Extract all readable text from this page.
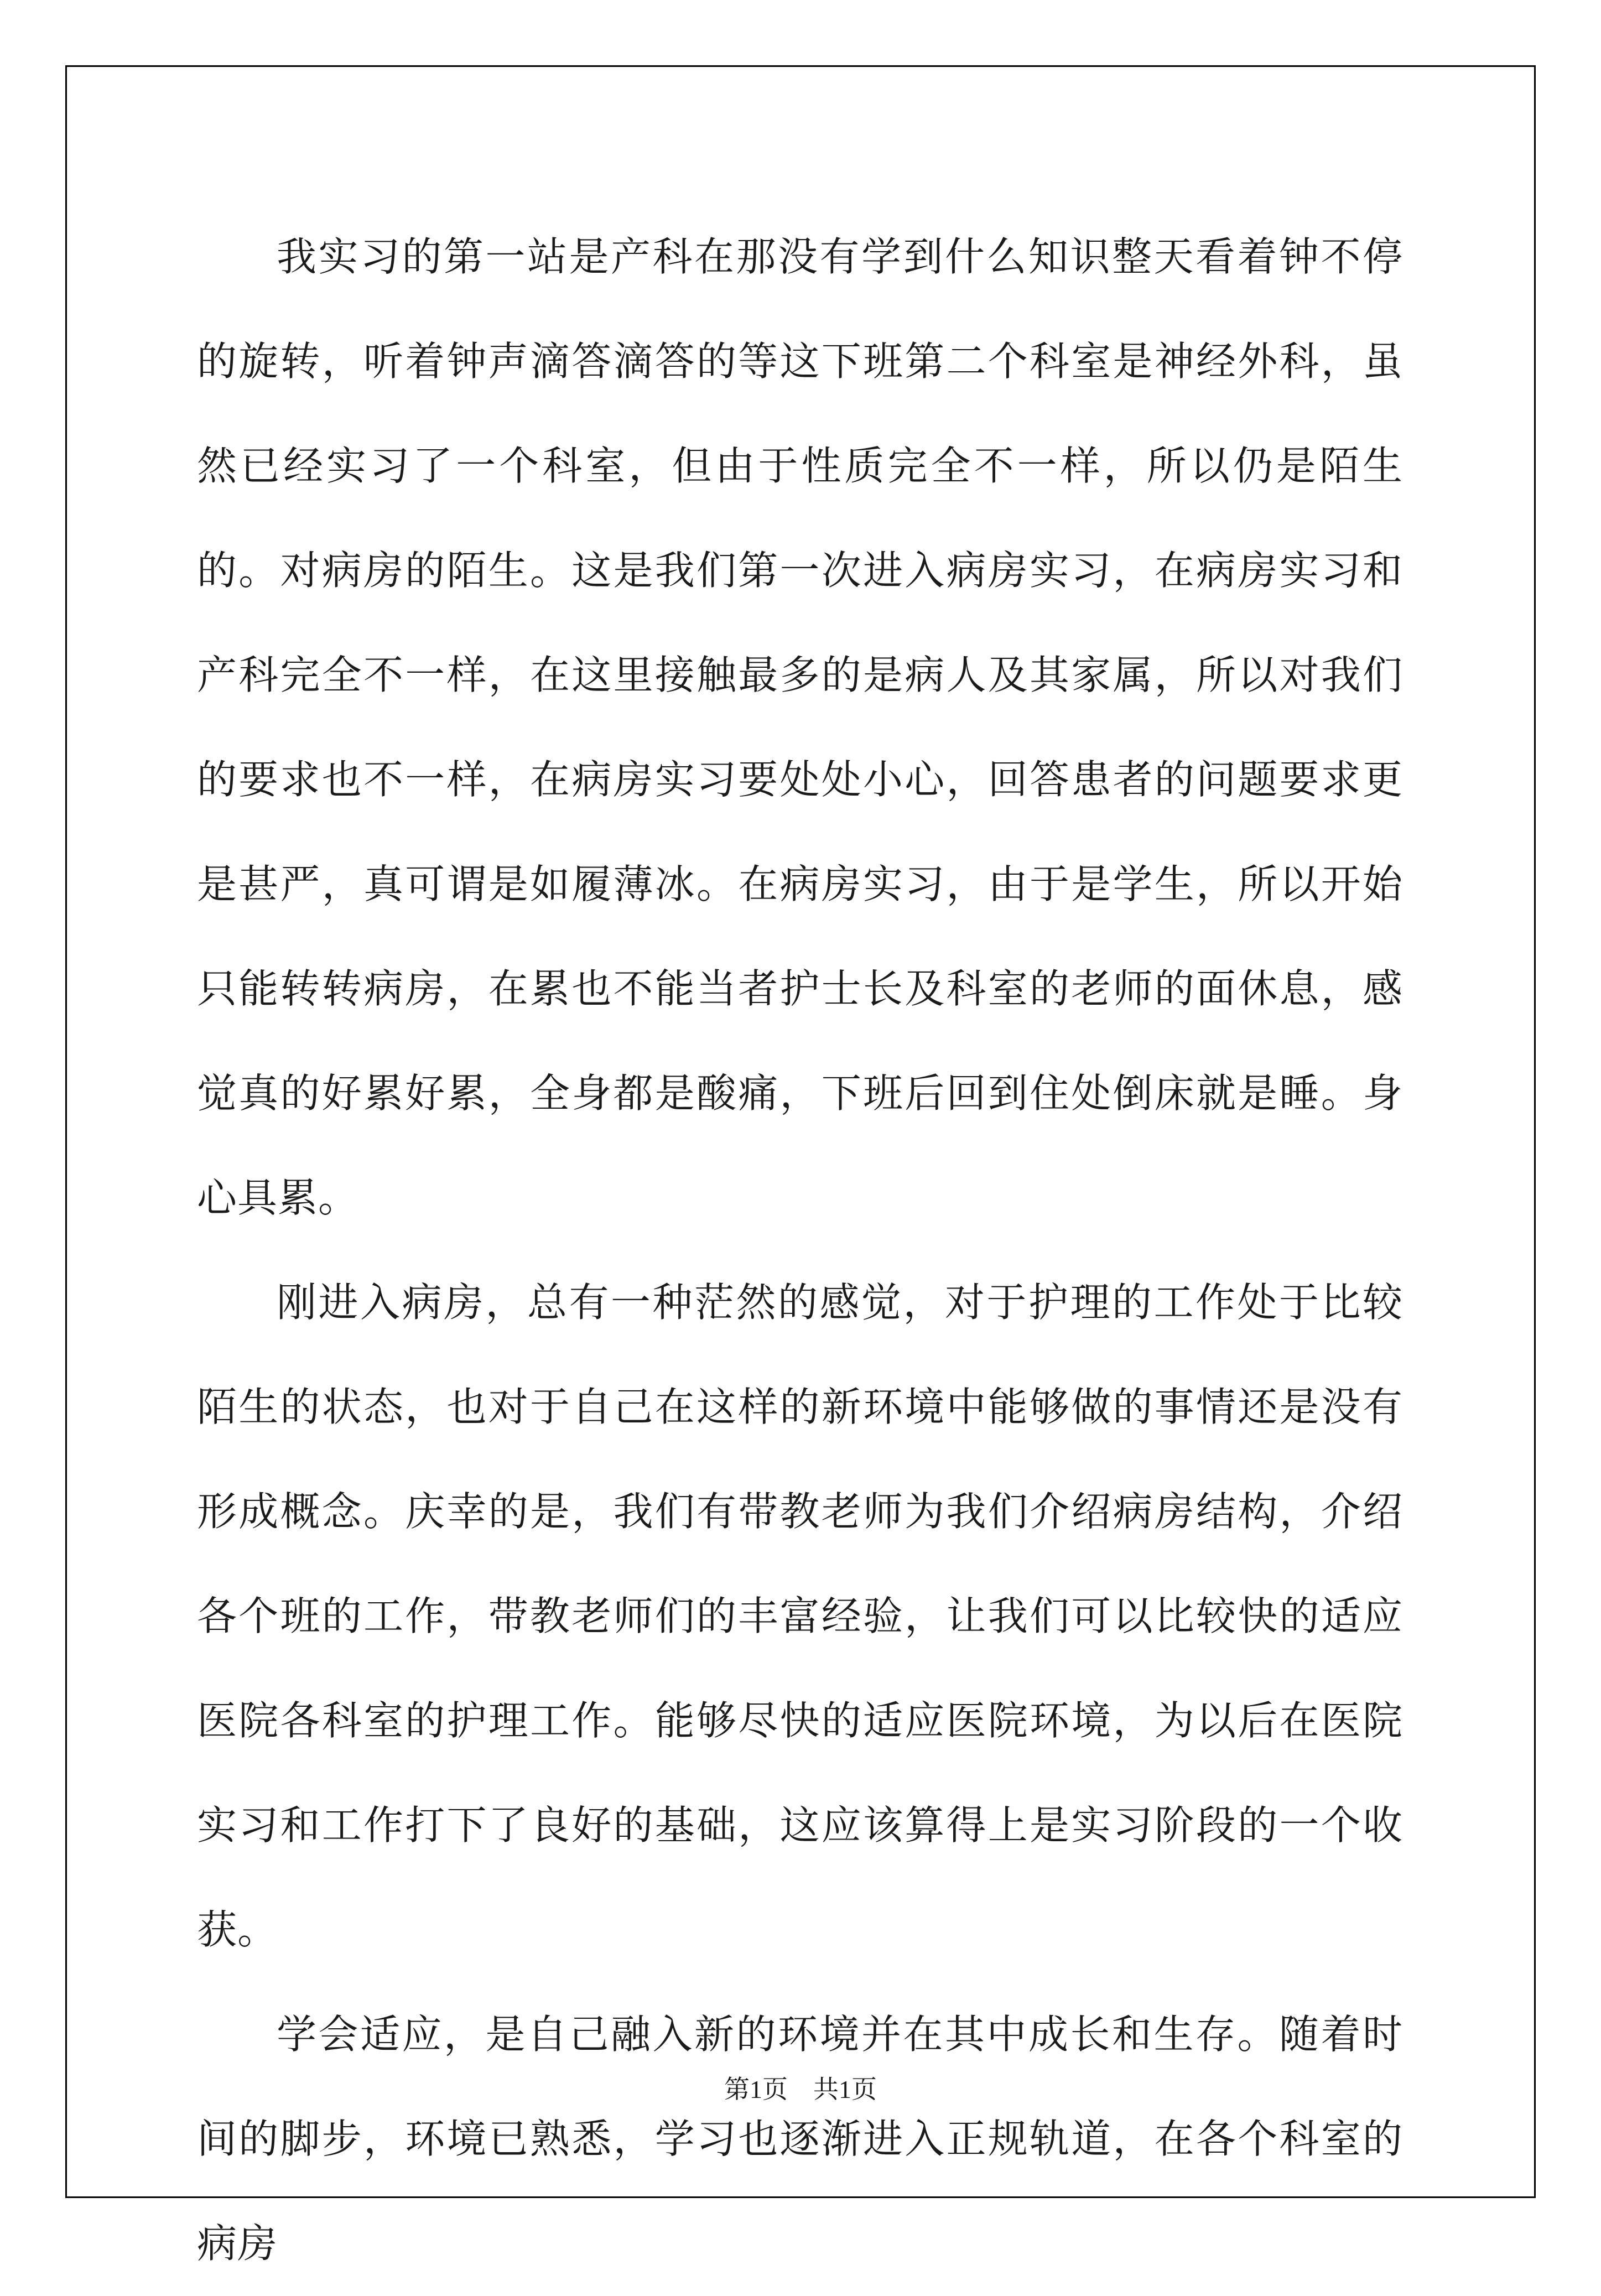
我实习的第一站是产科在那没有学到什么知识整天看着钟不停的旋转，听着钟声滴答滴答的等这下班第二个科室是神经外科，虽然已经实习了一个科室，但由于性质完全不一样，所以仍是陌生的。对病房的陌生。这是我们第一次进入病房实习，在病房实习和产科完全不一样，在这里接触最多的是病人及其家属，所以对我们的要求也不一样，在病房实习要处处小心，回答患者的问题要求更是甚严，真可谓是如履薄冰。在病房实习，由于是学生，所以开始只能转转病房，在累也不能当者护士长及科室的老师的面休息，感觉真的好累好累，全身都是酸痛，下班后回到住处倒床就是睡。身心具累。

刚进入病房，总有一种茫然的感觉，对于护理的工作处于比较陌生的状态，也对于自己在这样的新环境中能够做的事情还是没有形成概念。庆幸的是，我们有带教老师为我们介绍病房结构，介绍各个班的工作，带教老师们的丰富经验，让我们可以比较快的适应医院各科室的护理工作。能够尽快的适应医院环境，为以后在医院实习和工作打下了良好的基础，这应该算得上是实习阶段的一个收获。

学会适应，是自己融入新的环境并在其中成长和生存。随着时间的脚步，环境已熟悉，学习也逐渐进入正规轨道，在各个科室的病房

第1页　共1页
